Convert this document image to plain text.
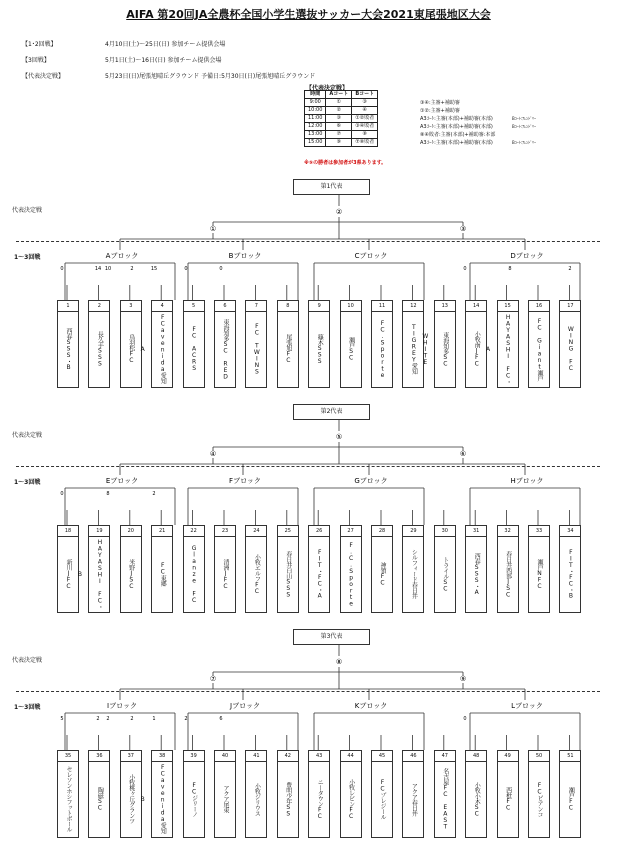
AIFA 第20回JA全農杯全国小学生選抜サッカー大会2021東尾張地区大会
【1･2回戦】	4月10日(土)～25日(日) 参加チーム提供会場
【3回戦】	5月1日(土)～16日(日) 参加チーム提供会場
【代表決定戦】	5月23日(日)尾張旭晴丘グラウンド 予備日:5月30日(日)尾張旭晴丘グラウンド
【代表決定戦】
時間	Aコート	Bコート
9:00	①	③
10:00	②	④
11:00	③	①②敗者
12:00	⑥	③④敗者
13:00	⑦	⑧
15:00	⑨	⑦⑧敗者
③④:主審+補助審
①②:主審+補助審
A3ｺｰﾄ:主審(本部)+補助審(本部)	Bｺｰﾄ:ﾌﾚﾝﾄﾞﾘｰ
A3ｺｰﾄ:主審(本部)+補助審(本部)	Bｺｰﾄ:ﾌﾚﾝﾄﾞﾘｰ
⑧④敗者:主審(本部)+補助審:本部
A3ｺｰﾄ:主審(本部)+補助審(本部)	Bｺｰﾄ:ﾌﾚﾝﾄﾞﾘｰ
※⑤の勝者は参加者が3県あります。
②
①	③
Aブロック	Bブロック	Cブロック	Dブロック
0	10	15	0	0
14	2	0	8	2
⑤
④	⑥
Eブロック	Fブロック	Gブロック	Hブロック
0	8	2
⑧
⑦	⑨
Iブロック	Jブロック	Kブロック	Lブロック
5	2	1	2	6
2	2	0
第1代表
代表決定戦
1～3回戦
1
西春SSS・B
2
長久手SSS
3
鳥羽松FC
4
FCavenida愛知A
5
FC ACRS
6
東海知多SC RED
7
FC TWINS
8
尾張旭FC
9
篠木SSS
10
瀬戸SC
11
FC.Sporte
12
TIGREY愛知
13
東海知多SC WHITE
14
小牧南JFC
15
HAYASHI FC・A
16
FC Giant瀬戸
17
WING FC
第2代表
代表決定戦
1～3回戦
18
新川JFC
19
HAYASHI FC・B
20
米野JSC
21
FC東郷
22
Glanze FC
23
清洲JFC
24
小牧エルフFC
25
春日井白山SSS
26
FIT・FC・A
27
F.C.Sporte
28
神領FC
29
シルフィード春日井
30
トライルSC
31
西春SSS・A
32
春日井西部JSC
33
瀬戸NFC
34
FIT・FC・B
第3代表
代表決定戦
1～3回戦
35
セレソンホシフットボール
36
陶磁SC
37
小牧桃ヶ丘グランツ
38
FCavenida愛知B
39
FCジリーノ
40
アクア尾東
41
小牧ジリウス
42
豊明少年SS
43
ニータウンFC
44
小牧レビンFC
45
FCプレジール
46
アクア春日井
47
名古屋FC EAST
48
小牧小木SC
49
西枇FC
50
FCピアンコ
51
瀬戸FC
